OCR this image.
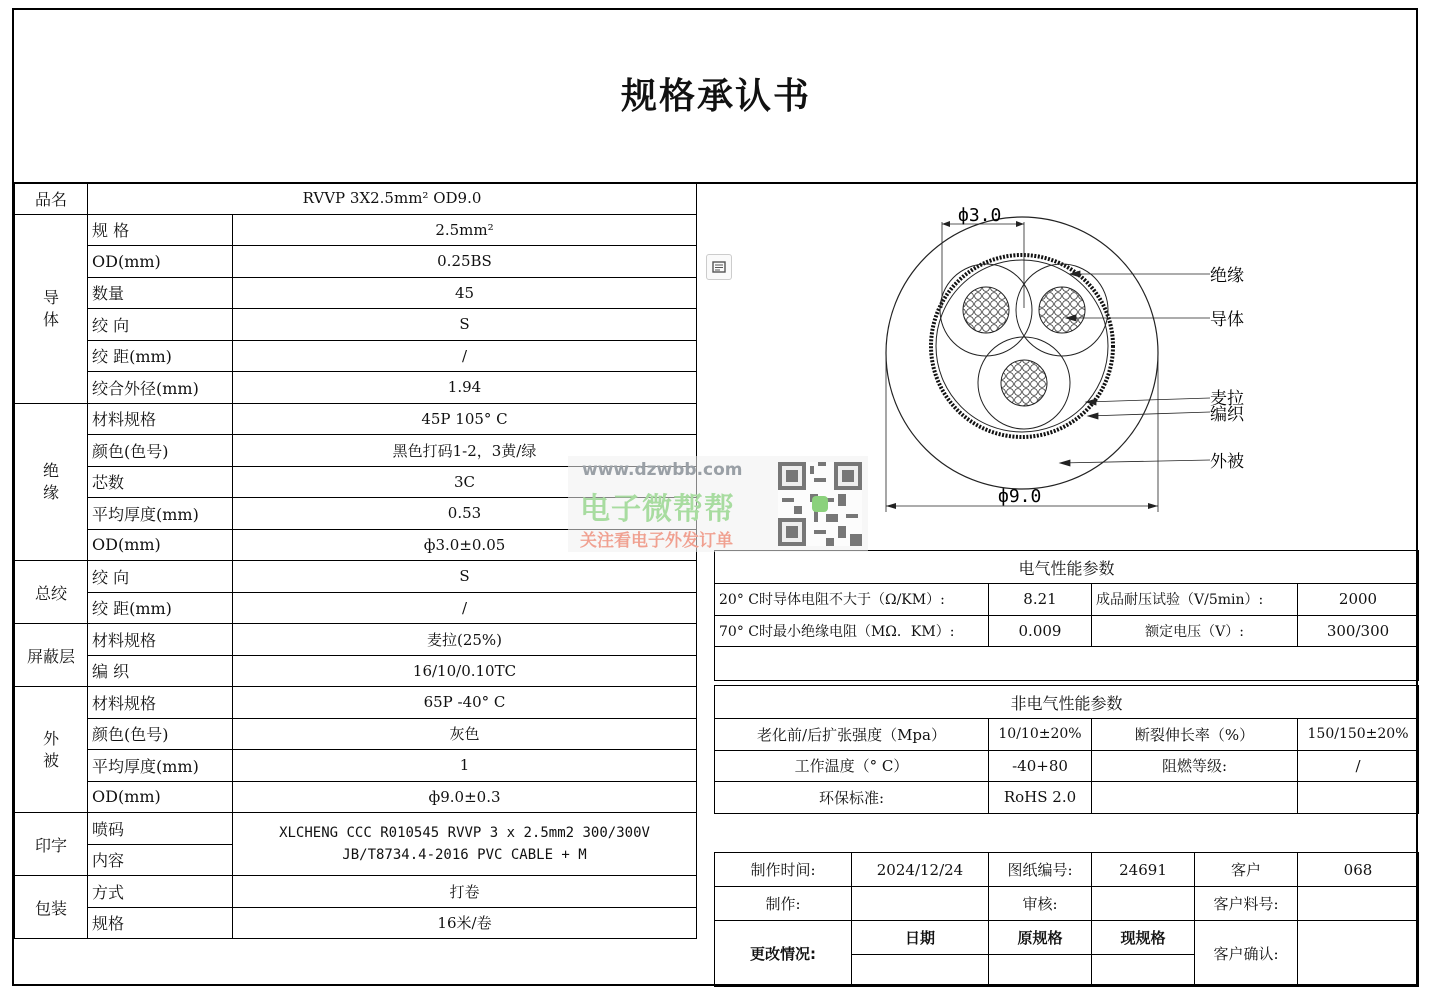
规格承认书
品名	RVVP 3X2.5mm² OD9.0	
导体	规 格	2.5mm²
	OD(mm)	0.25BS
	数量	45
	绞 向	S
	绞 距(mm)	/
	绞合外径(mm)	1.94
绝缘	材料规格	45P 105° C
	颜色(色号)	黑色打码1-2，3黄/绿
	芯数	3C
	平均厚度(mm)	0.53
	OD(mm)	ф3.0±0.05
总绞	绞 向	S
	绞 距(mm)	/
屏蔽层	材料规格	麦拉(25%)
	编 织	16/10/0.10TC
外被	材料规格	65P -40° C
	颜色(色号)	灰色
	平均厚度(mm)	1
	OD(mm)	ф9.0±0.3
印字	喷码	XLCHENG CCC R010545 RVVP 3 x 2.5mm2 300/300V
JB/T8734.4-2016 PVC CABLE + M

	内容	
包装	方式	打卷
	规格	16米/卷
ф3.0
ф9.0
绝缘
导体
麦拉
编织
外被
电气性能参数			
20° C时导体电阻不大于（Ω/KM）:	8.21	成品耐压试验（V/5min）:	2000
70° C时最小绝缘电阻（MΩ．KM）:	0.009	额定电压（V）:	300/300

非电气性能参数			
老化前/后扩张强度（Mpa）	10/10±20%	断裂伸长率（%）	150/150±20%
工作温度（° C）	-40+80	阻燃等级:	/
环保标准:	RoHS 2.0		
制作时间:	2024/12/24	图纸编号:	24691	客户	068
制作:		审核:		客户料号:	
更改情况:	日期	原规格	现规格	客户确认:	

www.dzwbb.com
电子微帮帮
关注看电子外发订单
